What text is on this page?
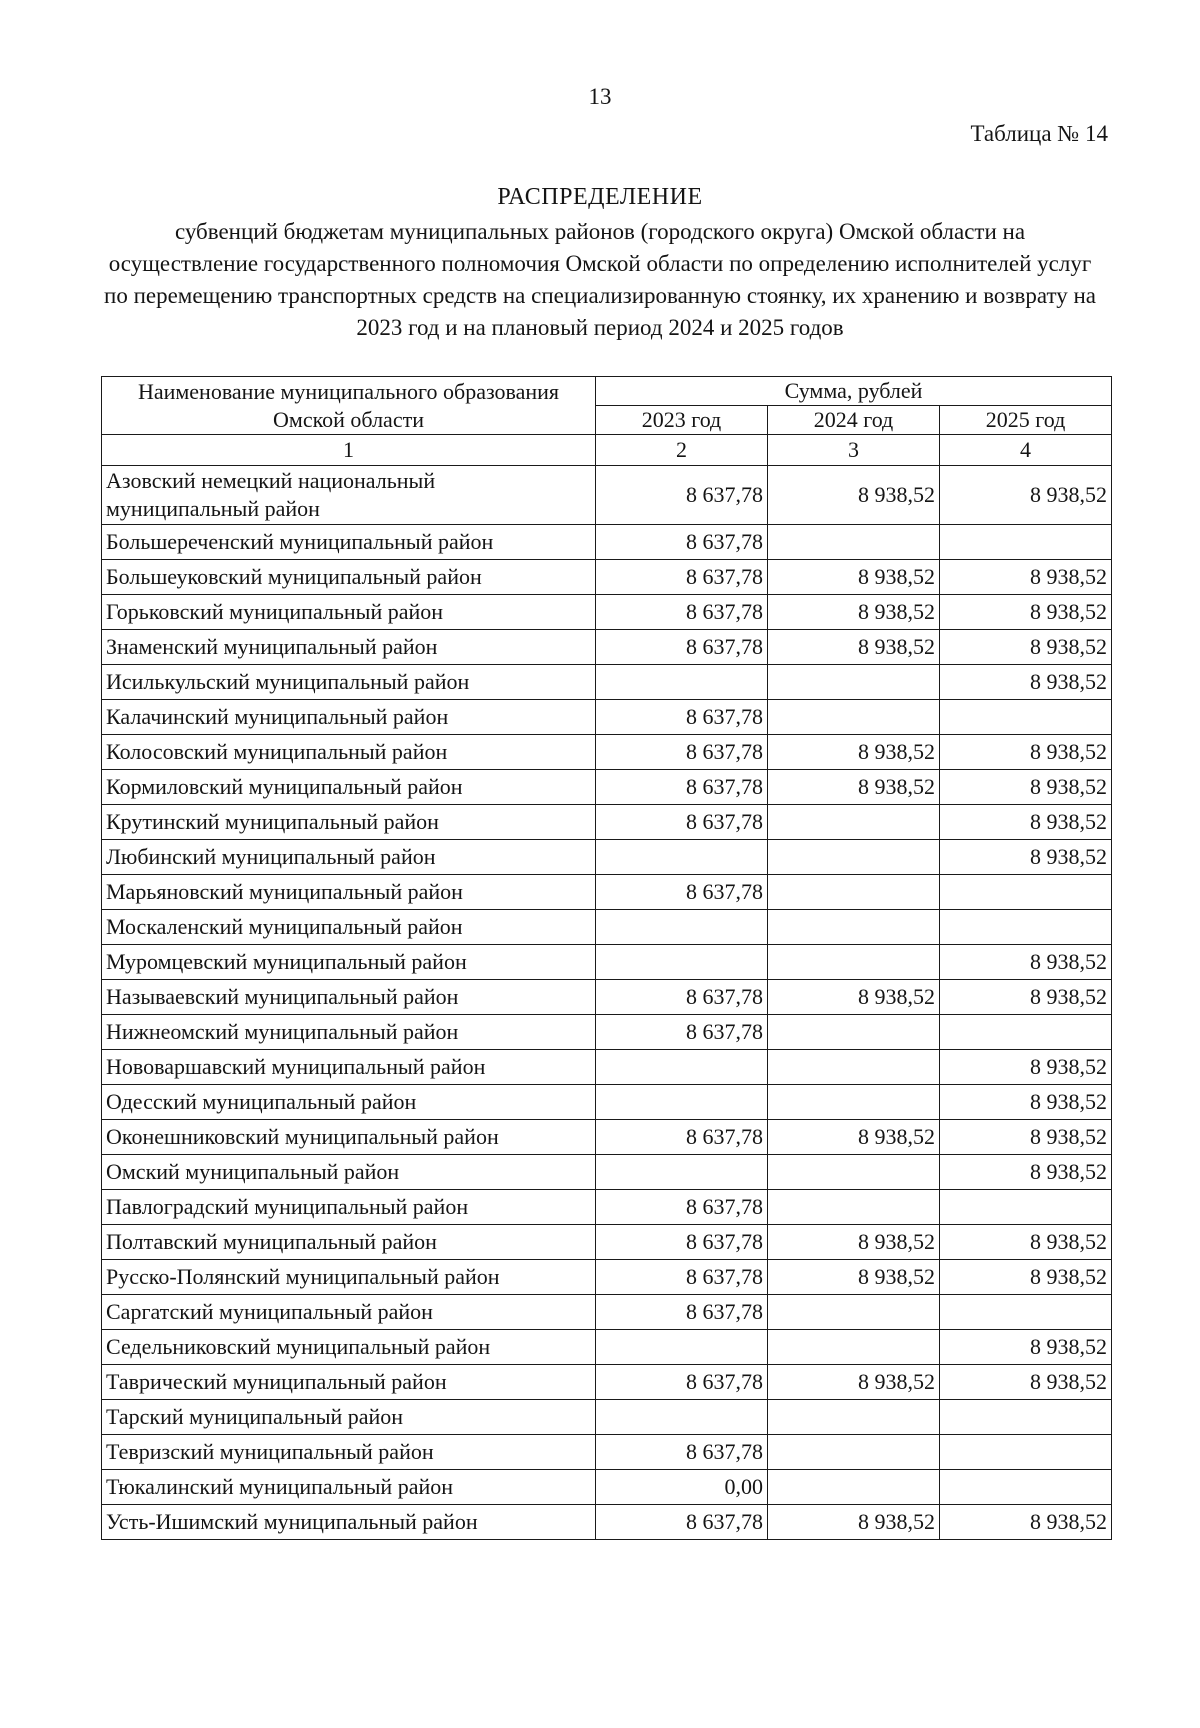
13
Таблица № 14
РАСПРЕДЕЛЕНИЕ
субвенций бюджетам муниципальных районов (городского округа) Омской области на осуществление государственного полномочия Омской области по определению исполнителей услуг по перемещению транспортных средств на специализированную стоянку, их хранению и возврату на 2023 год и на плановый период 2024 и 2025 годов
Наименование муниципального образования Омской области	Сумма, рублей		
	2023 год	2024 год	2025 год
1	2	3	4
Азовский немецкий национальный муниципальный район	8 637,78	8 938,52	8 938,52
Большереченский муниципальный район	8 637,78		
Большеуковский муниципальный район	8 637,78	8 938,52	8 938,52
Горьковский муниципальный район	8 637,78	8 938,52	8 938,52
Знаменский муниципальный район	8 637,78	8 938,52	8 938,52
Исилькульский муниципальный район			8 938,52
Калачинский муниципальный район	8 637,78		
Колосовский муниципальный район	8 637,78	8 938,52	8 938,52
Кормиловский муниципальный район	8 637,78	8 938,52	8 938,52
Крутинский муниципальный район	8 637,78		8 938,52
Любинский муниципальный район			8 938,52
Марьяновский муниципальный район	8 637,78		
Москаленский муниципальный район			
Муромцевский муниципальный район			8 938,52
Называевский муниципальный район	8 637,78	8 938,52	8 938,52
Нижнеомский муниципальный район	8 637,78		
Нововаршавский муниципальный район			8 938,52
Одесский муниципальный район			8 938,52
Оконешниковский муниципальный район	8 637,78	8 938,52	8 938,52
Омский муниципальный район			8 938,52
Павлоградский муниципальный район	8 637,78		
Полтавский муниципальный район	8 637,78	8 938,52	8 938,52
Русско-Полянский муниципальный район	8 637,78	8 938,52	8 938,52
Саргатский муниципальный район	8 637,78		
Седельниковский муниципальный район			8 938,52
Таврический муниципальный район	8 637,78	8 938,52	8 938,52
Тарский муниципальный район			
Тевризский муниципальный район	8 637,78		
Тюкалинский муниципальный район	0,00		
Усть-Ишимский муниципальный район	8 637,78	8 938,52	8 938,52
